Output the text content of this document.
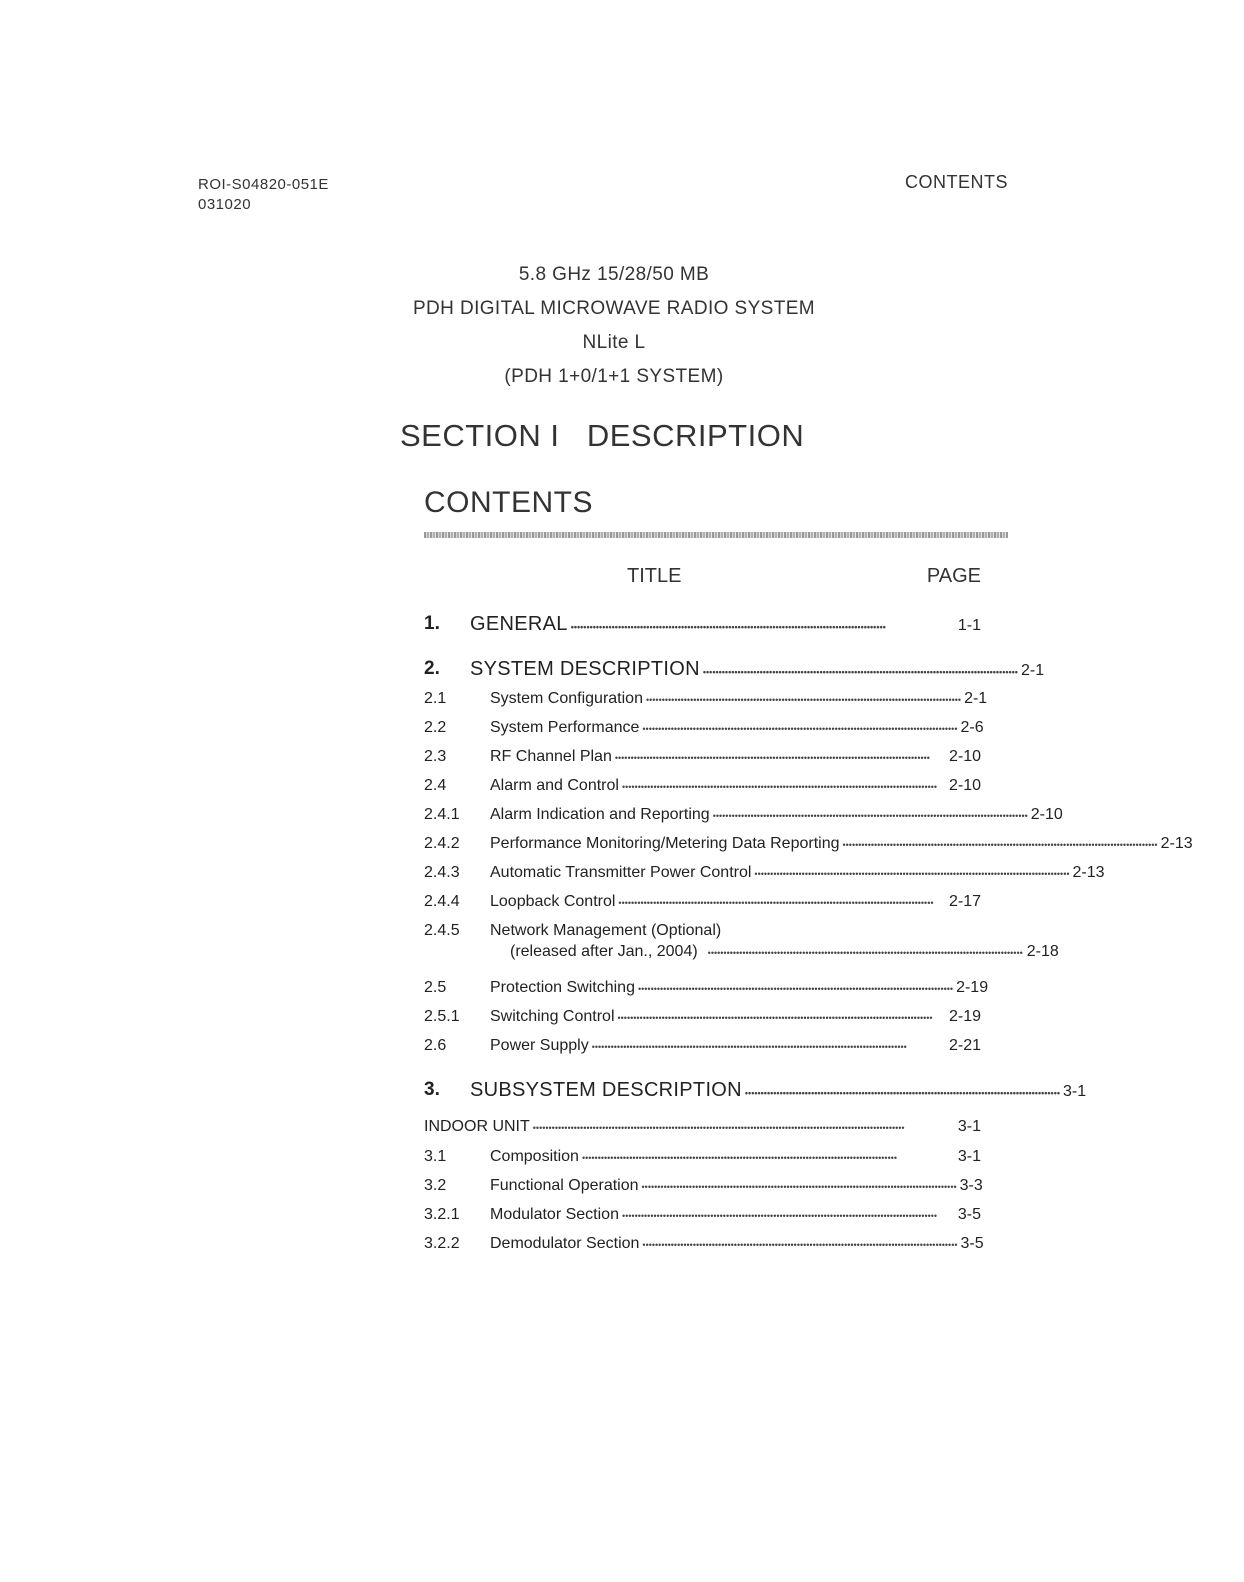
ROI-S04820-051E
031020
CONTENTS
5.8 GHz 15/28/50 MB
PDH DIGITAL MICROWAVE RADIO SYSTEM
NLite L
(PDH 1+0/1+1 SYSTEM)
SECTION I   DESCRIPTION
CONTENTS
TITLE	PAGE
1. GENERAL ••••••••••••••••••••••••••••••••••••••••••••••••••••••••••••••••••••••••••••••••••••••••••••••••••••	1-1
2. SYSTEM DESCRIPTION •••••••••••••••••••••••••••••••••••••••••••••••••••••••••••••••••••••••••••••••••••••••••••••••••••• 2-1
2.1	System Configuration •••••••••••••••••••••••••••••••••••••••••••••••••••••••••••••••••••••••••••••••••••••••••••••••••••• 2-1
2.2	System Performance •••••••••••••••••••••••••••••••••••••••••••••••••••••••••••••••••••••••••••••••••••••••••••••••••••• 2-6
2.3	RF Channel Plan ••••••••••••••••••••••••••••••••••••••••••••••••••••••••••••••••••••••••••••••••••••••••••••••••••••	2-10
2.4	Alarm and Control •••••••••••••••••••••••••••••••••••••••••••••••••••••••••••••••••••••••••••••••••••••••••••••••••••• 2-10
2.4.1 Alarm Indication and Reporting •••••••••••••••••••••••••••••••••••••••••••••••••••••••••••••••••••••••••••••••••••••••••••••••••••• 2-10
2.4.2 Performance Monitoring/Metering Data Reporting •••••••••••••••••••••••••••••••••••••••••••••••••••••••••••••••••••••••••••••••••••••••••••••••••••• 2-13
2.4.3 Automatic Transmitter Power Control •••••••••••••••••••••••••••••••••••••••••••••••••••••••••••••••••••••••••••••••••••••••••••••••••••• 2-13
2.4.4 Loopback Control •••••••••••••••••••••••••••••••••••••••••••••••••••••••••••••••••••••••••••••••••••••••••••••••••••• 2-17
2.4.5 Network Management (Optional)
(released after Jan., 2004) •••••••••••••••••••••••••••••••••••••••••••••••••••••••••••••••••••••••••••••••••••••••••••••••••••• 2-18
2.5	Protection Switching •••••••••••••••••••••••••••••••••••••••••••••••••••••••••••••••••••••••••••••••••••••••••••••••••••• 2-19
2.5.1 Switching Control ••••••••••••••••••••••••••••••••••••••••••••••••••••••••••••••••••••••••••••••••••••••••••••••••••••	2-19
2.6	Power Supply ••••••••••••••••••••••••••••••••••••••••••••••••••••••••••••••••••••••••••••••••••••••••••••••••••••	2-21
3. SUBSYSTEM DESCRIPTION •••••••••••••••••••••••••••••••••••••••••••••••••••••••••••••••••••••••••••••••••••••••••••••••••••• 3-1
INDOOR UNIT ••••••••••••••••••••••••••••••••••••••••••••••••••••••••••••••••••••••••••••••••••••••••••••••••••••••••••••••••••••••	3-1
3.1	Composition ••••••••••••••••••••••••••••••••••••••••••••••••••••••••••••••••••••••••••••••••••••••••••••••••••••	3-1
3.2	Functional Operation •••••••••••••••••••••••••••••••••••••••••••••••••••••••••••••••••••••••••••••••••••••••••••••••••••• 3-3
3.2.1 Modulator Section ••••••••••••••••••••••••••••••••••••••••••••••••••••••••••••••••••••••••••••••••••••••••••••••••••••	3-5
3.2.2 Demodulator Section •••••••••••••••••••••••••••••••••••••••••••••••••••••••••••••••••••••••••••••••••••••••••••••••••••• 3-5
